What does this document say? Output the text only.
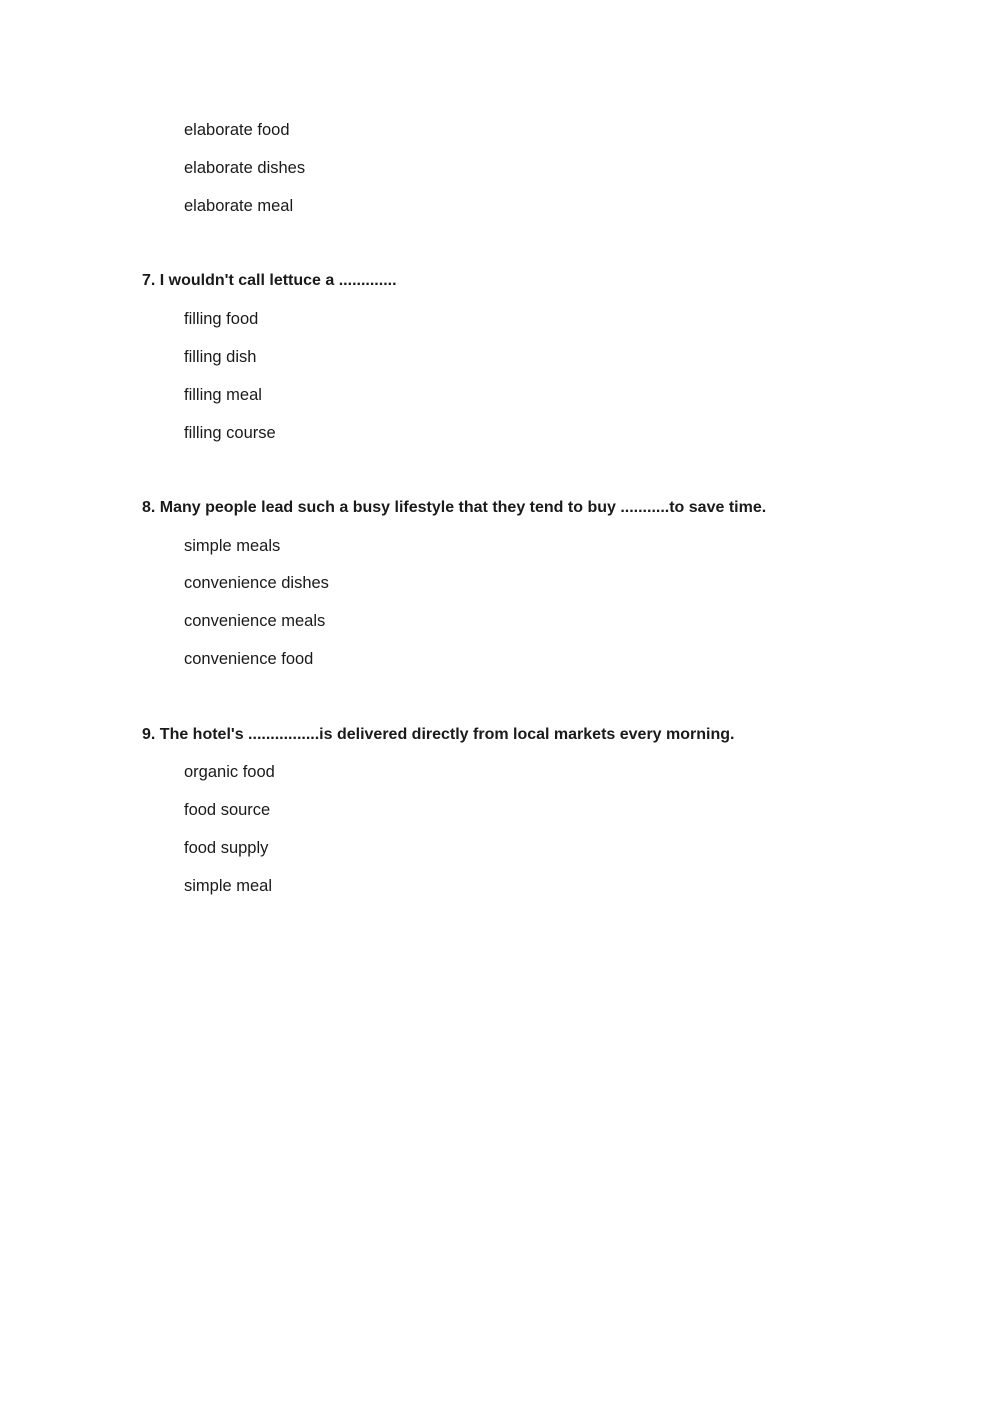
elaborate food
elaborate dishes
elaborate meal
7. I wouldn't call lettuce a .............
filling food
filling dish
filling meal
filling course
8. Many people lead such a busy lifestyle that they tend to buy ...........to save time.
simple meals
convenience dishes
convenience meals
convenience food
9. The hotel's ................is delivered directly from local markets every morning.
organic food
food source
food supply
simple meal
